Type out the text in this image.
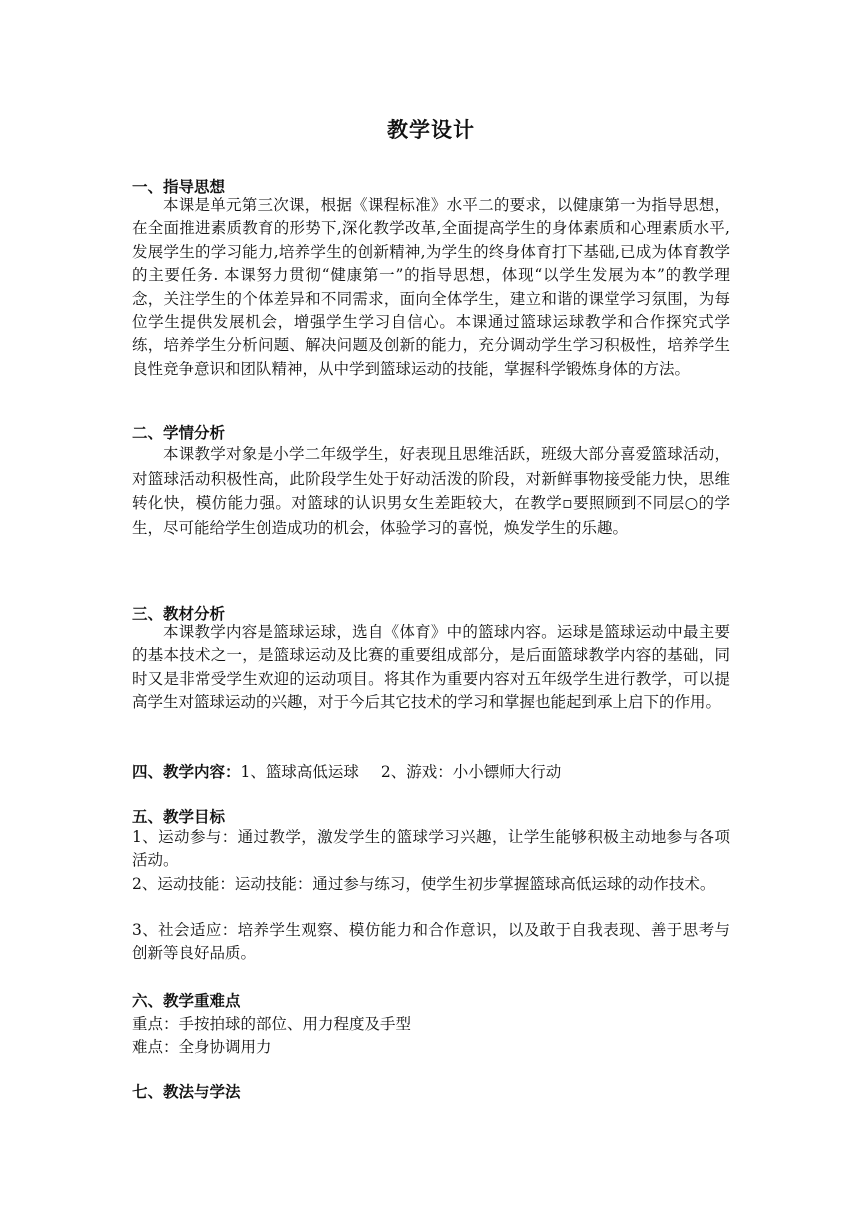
教学设计
一、指导思想

本课是单元第三次课，根据《课程标准》水平二的要求，以健康第一为指导思想，在全面推进素质教育的形势下,深化教学改革,全面提高学生的身体素质和心理素质水平,发展学生的学习能力,培养学生的创新精神,为学生的终身体育打下基础,已成为体育教学的主要任务. 本课努力贯彻“健康第一”的指导思想，体现“以学生发展为本”的教学理念，关注学生的个体差异和不同需求，面向全体学生，建立和谐的课堂学习氛围，为每位学生提供发展机会，增强学生学习自信心。本课通过篮球运球教学和合作探究式学练，培养学生分析问题、解决问题及创新的能力，充分调动学生学习积极性，培养学生良性竞争意识和团队精神，从中学到篮球运动的技能，掌握科学锻炼身体的方法。

二、学情分析

本课教学对象是小学二年级学生，好表现且思维活跃，班级大部分喜爱篮球活动，对篮球活动积极性高，此阶段学生处于好动活泼的阶段，对新鲜事物接受能力快，思维转化快，模仿能力强。对篮球的认识男女生差距较大，在教学▫要照顾到不同层○的学生，尽可能给学生创造成功的机会，体验学习的喜悦，焕发学生的乐趣。

三、教材分析

本课教学内容是篮球运球，选自《体育》中的篮球内容。运球是篮球运动中最主要的基本技术之一，是篮球运动及比赛的重要组成部分，是后面篮球教学内容的基础，同时又是非常受学生欢迎的运动项目。将其作为重要内容对五年级学生进行教学，可以提高学生对篮球运动的兴趣，对于今后其它技术的学习和掌握也能起到承上启下的作用。

四、教学内容：1、篮球高低运球 2、游戏：小小镖师大行动
五、教学目标

1、运动参与：通过教学，激发学生的篮球学习兴趣，让学生能够积极主动地参与各项活动。

2、运动技能：运动技能：通过参与练习，使学生初步掌握篮球高低运球的动作技术。

3、社会适应：培养学生观察、模仿能力和合作意识，以及敢于自我表现、善于思考与创新等良好品质。

六、教学重难点
重点：手按拍球的部位、用力程度及手型
难点：全身协调用力
七、教法与学法
